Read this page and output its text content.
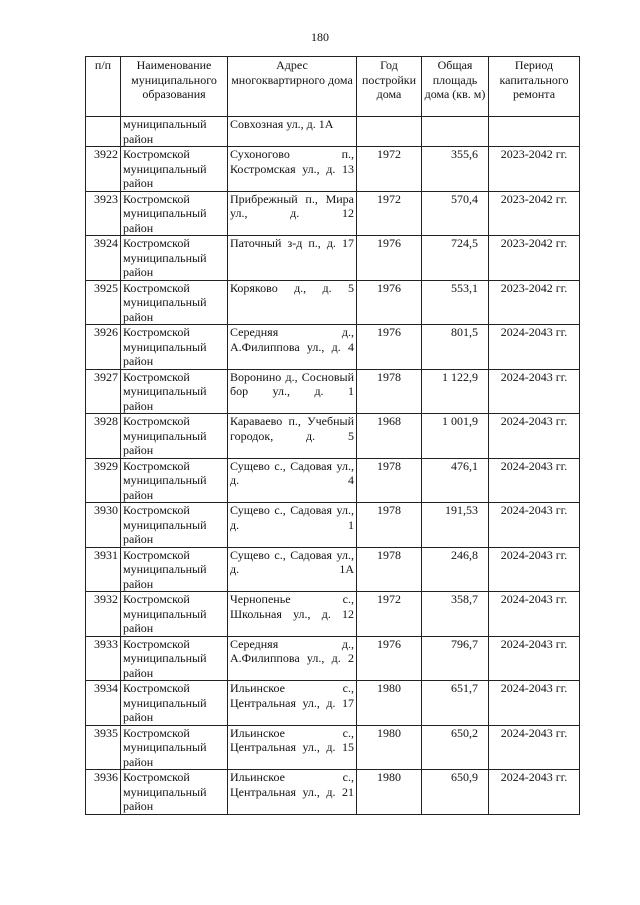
180
п/п	Наименование муниципального образования	Адрес многоквартирного дома	Год постройки дома	Общая площадь дома (кв. м)	Период капитального ремонта
	муниципальный район	Совхозная ул., д. 1А			
3922	Костромской муниципальный район	Сухоногово п., Костромская ул., д. 13	1972	355,6	2023-2042 гг.
3923	Костромской муниципальный район	Прибрежный п., Мира ул., д. 12	1972	570,4	2023-2042 гг.
3924	Костромской муниципальный район	Паточный з-д п., д. 17	1976	724,5	2023-2042 гг.
3925	Костромской муниципальный район	Коряково д., д. 5	1976	553,1	2023-2042 гг.
3926	Костромской муниципальный район	Середняя д., А.Филиппова ул., д. 4	1976	801,5	2024-2043 гг.
3927	Костромской муниципальный район	Воронино д., Сосновый бор ул., д. 1	1978	1 122,9	2024-2043 гг.
3928	Костромской муниципальный район	Караваево п., Учебный городок, д. 5	1968	1 001,9	2024-2043 гг.
3929	Костромской муниципальный район	Сущево с., Садовая ул., д. 4	1978	476,1	2024-2043 гг.
3930	Костромской муниципальный район	Сущево с., Садовая ул., д. 1	1978	191,53	2024-2043 гг.
3931	Костромской муниципальный район	Сущево с., Садовая ул., д. 1А	1978	246,8	2024-2043 гг.
3932	Костромской муниципальный район	Чернопенье с., Школьная ул., д. 12	1972	358,7	2024-2043 гг.
3933	Костромской муниципальный район	Середняя д., А.Филиппова ул., д. 2	1976	796,7	2024-2043 гг.
3934	Костромской муниципальный район	Ильинское с., Центральная ул., д. 17	1980	651,7	2024-2043 гг.
3935	Костромской муниципальный район	Ильинское с., Центральная ул., д. 15	1980	650,2	2024-2043 гг.
3936	Костромской муниципальный район	Ильинское с., Центральная ул., д. 21	1980	650,9	2024-2043 гг.
